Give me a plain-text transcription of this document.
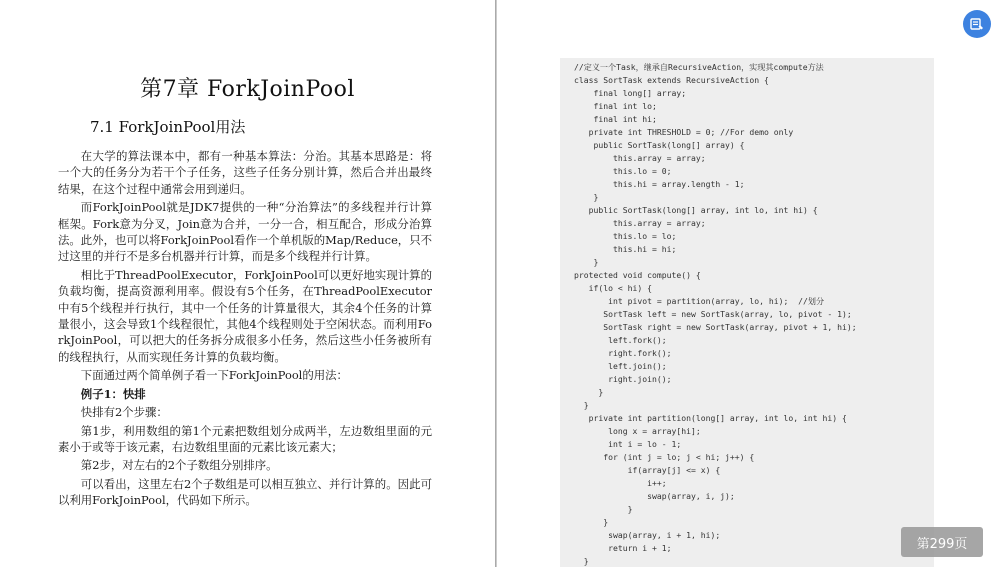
第7章 ForkJoinPool
7.1 ForkJoinPool用法

在大学的算法课本中，都有一种基本算法：分治。其基本思路是：将一个大的任务分为若干个子任务，这些子任务分别计算，然后合并出最终结果，在这个过程中通常会用到递归。

而ForkJoinPool就是JDK7提供的一种“分治算法”的多线程并行计算框架。Fork意为分叉，Join意为合并，一分一合，相互配合，形成分治算法。此外，也可以将ForkJoinPool看作一个单机版的Map/Reduce，只不过这里的并行不是多台机器并行计算，而是多个线程并行计算。

相比于ThreadPoolExecutor，ForkJoinPool可以更好地实现计算的负载均衡，提高资源利用率。假设有5个任务，在ThreadPoolExecutor中有5个线程并行执行，其中一个任务的计算量很大，其余4个任务的计算量很小，这会导致1个线程很忙，其他4个线程则处于空闲状态。而利用ForkJoinPool，可以把大的任务拆分成很多小任务，然后这些小任务被所有的线程执行，从而实现任务计算的负载均衡。

下面通过两个简单例子看一下ForkJoinPool的用法：

例子1：快排

快排有2个步骤：

第1步，利用数组的第1个元素把数组划分成两半，左边数组里面的元素小于或等于该元素，右边数组里面的元素比该元素大；

第2步，对左右的2个子数组分别排序。

可以看出，这里左右2个子数组是可以相互独立、并行计算的。因此可以利用ForkJoinPool，代码如下所示。

//定义一个Task，继承自RecursiveAction，实现其compute方法
class SortTask extends RecursiveAction {
final long[] array;
final int lo;
final int hi;
private int THRESHOLD = 0; //For demo only
public SortTask(long[] array) {
this.array = array;
this.lo = 0;
this.hi = array.length - 1;
}
public SortTask(long[] array, int lo, int hi) {
this.array = array;
this.lo = lo;
this.hi = hi;
}
protected void compute() {
if(lo < hi) {
int pivot = partition(array, lo, hi);  //划分
SortTask left = new SortTask(array, lo, pivot - 1);
SortTask right = new SortTask(array, pivot + 1, hi);
left.fork();
right.fork();
left.join();
right.join();
}
}
private int partition(long[] array, int lo, int hi) {
long x = array[hi];
int i = lo - 1;
for (int j = lo; j < hi; j++) {
if(array[j] <= x) {
i++;
swap(array, i, j);
}
}
swap(array, i + 1, hi);
return i + 1;
}
第299页
